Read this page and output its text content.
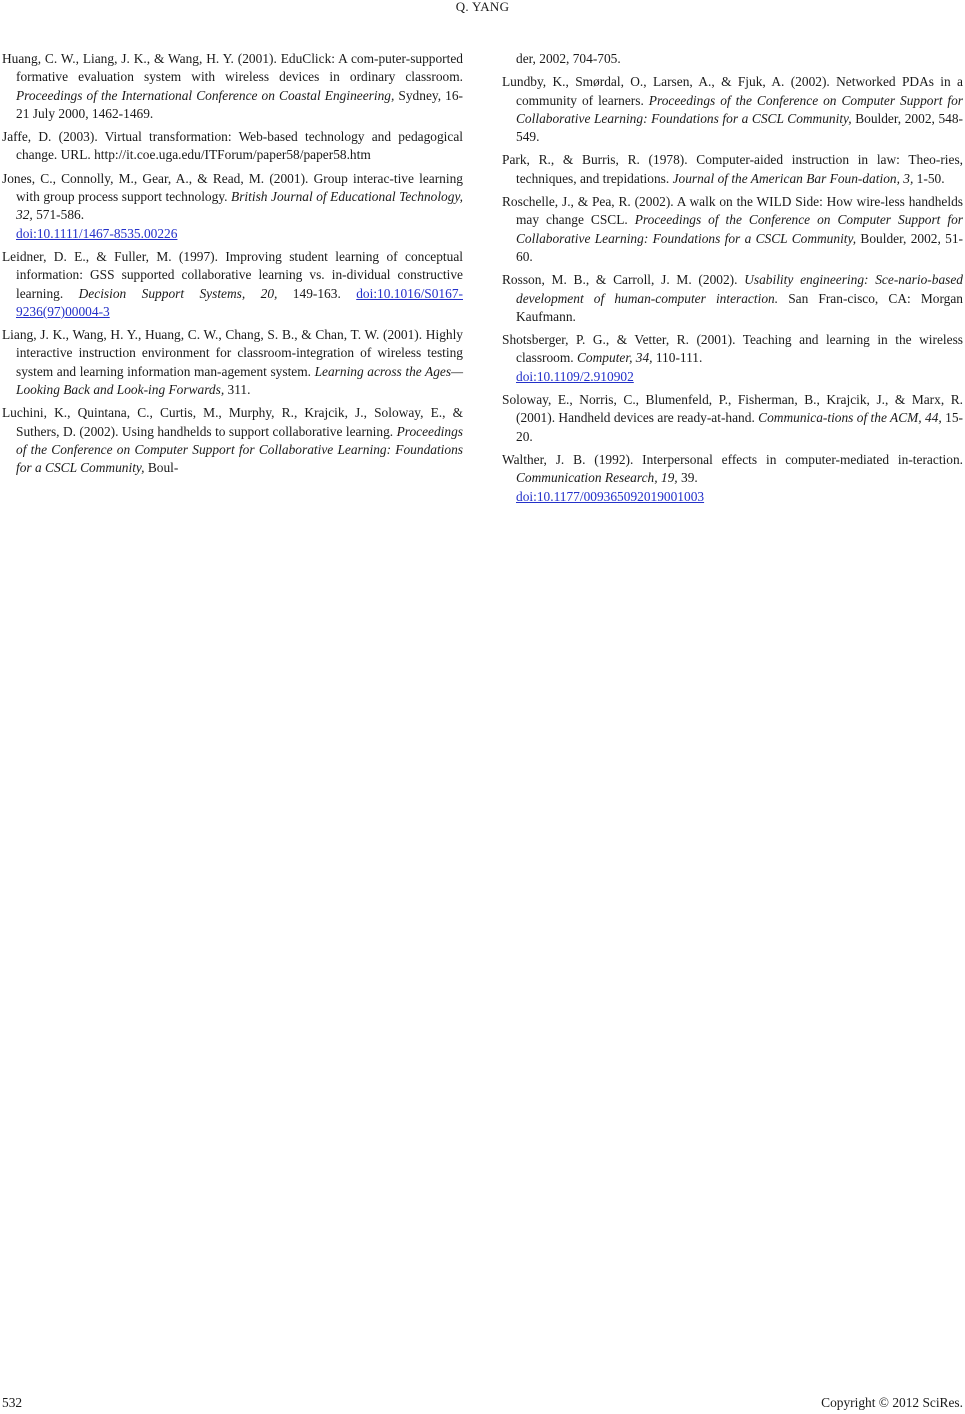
Q. YANG

Huang, C. W., Liang, J. K., & Wang, H. Y. (2001). EduClick: A com-puter-supported formative evaluation system with wireless devices in ordinary classroom. Proceedings of the International Conference on Coastal Engineering, Sydney, 16-21 July 2000, 1462-1469.

Jaffe, D. (2003). Virtual transformation: Web-based technology and pedagogical change. URL. http://it.coe.uga.edu/ITForum/paper58/paper58.htm

Jones, C., Connolly, M., Gear, A., & Read, M. (2001). Group interac-tive learning with group process support technology. British Journal of Educational Technology, 32, 571-586.
doi:10.1111/1467-8535.00226

Leidner, D. E., & Fuller, M. (1997). Improving student learning of conceptual information: GSS supported collaborative learning vs. in-dividual constructive learning. Decision Support Systems, 20, 149-163. doi:10.1016/S0167-9236(97)00004-3

Liang, J. K., Wang, H. Y., Huang, C. W., Chang, S. B., & Chan, T. W. (2001). Highly interactive instruction environment for classroom-integration of wireless testing system and learning information man-agement system. Learning across the Ages—Looking Back and Look-ing Forwards, 311.

Luchini, K., Quintana, C., Curtis, M., Murphy, R., Krajcik, J., Soloway, E., & Suthers, D. (2002). Using handhelds to support collaborative learning. Proceedings of the Conference on Computer Support for Collaborative Learning: Foundations for a CSCL Community, Boul-

der, 2002, 704-705.

Lundby, K., Smørdal, O., Larsen, A., & Fjuk, A. (2002). Networked PDAs in a community of learners. Proceedings of the Conference on Computer Support for Collaborative Learning: Foundations for a CSCL Community, Boulder, 2002, 548-549.

Park, R., & Burris, R. (1978). Computer-aided instruction in law: Theo-ries, techniques, and trepidations. Journal of the American Bar Foun-dation, 3, 1-50.

Roschelle, J., & Pea, R. (2002). A walk on the WILD Side: How wire-less handhelds may change CSCL. Proceedings of the Conference on Computer Support for Collaborative Learning: Foundations for a CSCL Community, Boulder, 2002, 51-60.

Rosson, M. B., & Carroll, J. M. (2002). Usability engineering: Sce-nario-based development of human-computer interaction. San Fran-cisco, CA: Morgan Kaufmann.

Shotsberger, P. G., & Vetter, R. (2001). Teaching and learning in the wireless classroom. Computer, 34, 110-111.
doi:10.1109/2.910902

Soloway, E., Norris, C., Blumenfeld, P., Fisherman, B., Krajcik, J., & Marx, R. (2001). Handheld devices are ready-at-hand. Communica-tions of the ACM, 44, 15-20.

Walther, J. B. (1992). Interpersonal effects in computer-mediated in-teraction. Communication Research, 19, 39.
doi:10.1177/009365092019001003

532	Copyright © 2012 SciRes.
